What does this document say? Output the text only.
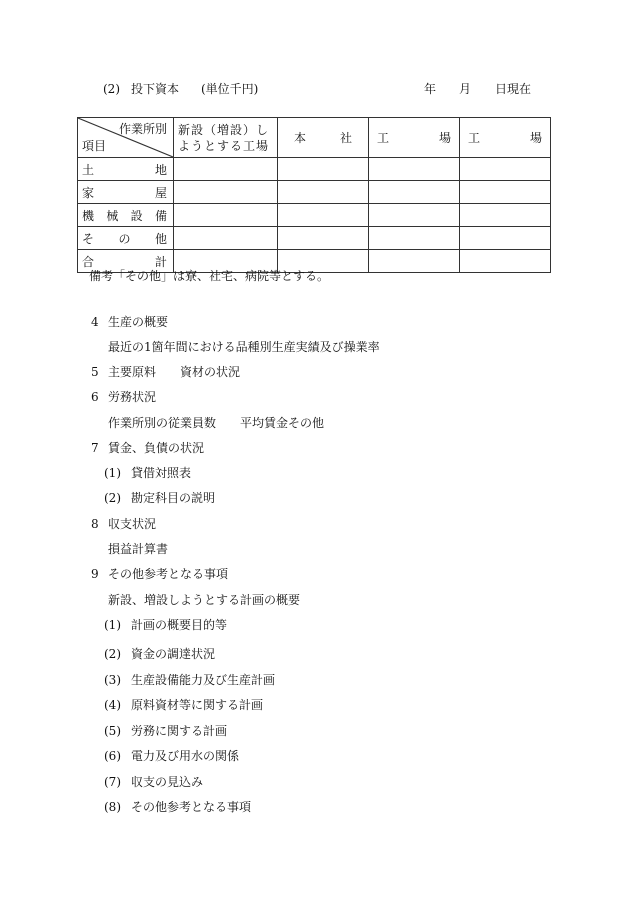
(2) 投下資本 (単位千円)	年 月 日現在
作業所別
項目	新設（増設）しようとする工場	本 社	工 場	工 場

土 地				

家 屋				

機 械 設 備				

そ の 他				

合 計				

備考「その他」は寮、社宅、病院等とする。
4 生産の概要
最近の1箇年間における品種別生産実績及び操業率
5 主要原料　　資材の状況
6 労務状況
作業所別の従業員数　　平均賃金その他
7 賃金、負債の状況
(1) 貸借対照表
(2) 勘定科目の説明
8 収支状況
損益計算書
9 その他参考となる事項
新設、増設しようとする計画の概要
(1) 計画の概要目的等
(2) 資金の調達状況
(3) 生産設備能力及び生産計画
(4) 原料資材等に関する計画
(5) 労務に関する計画
(6) 電力及び用水の関係
(7) 収支の見込み
(8) その他参考となる事項
